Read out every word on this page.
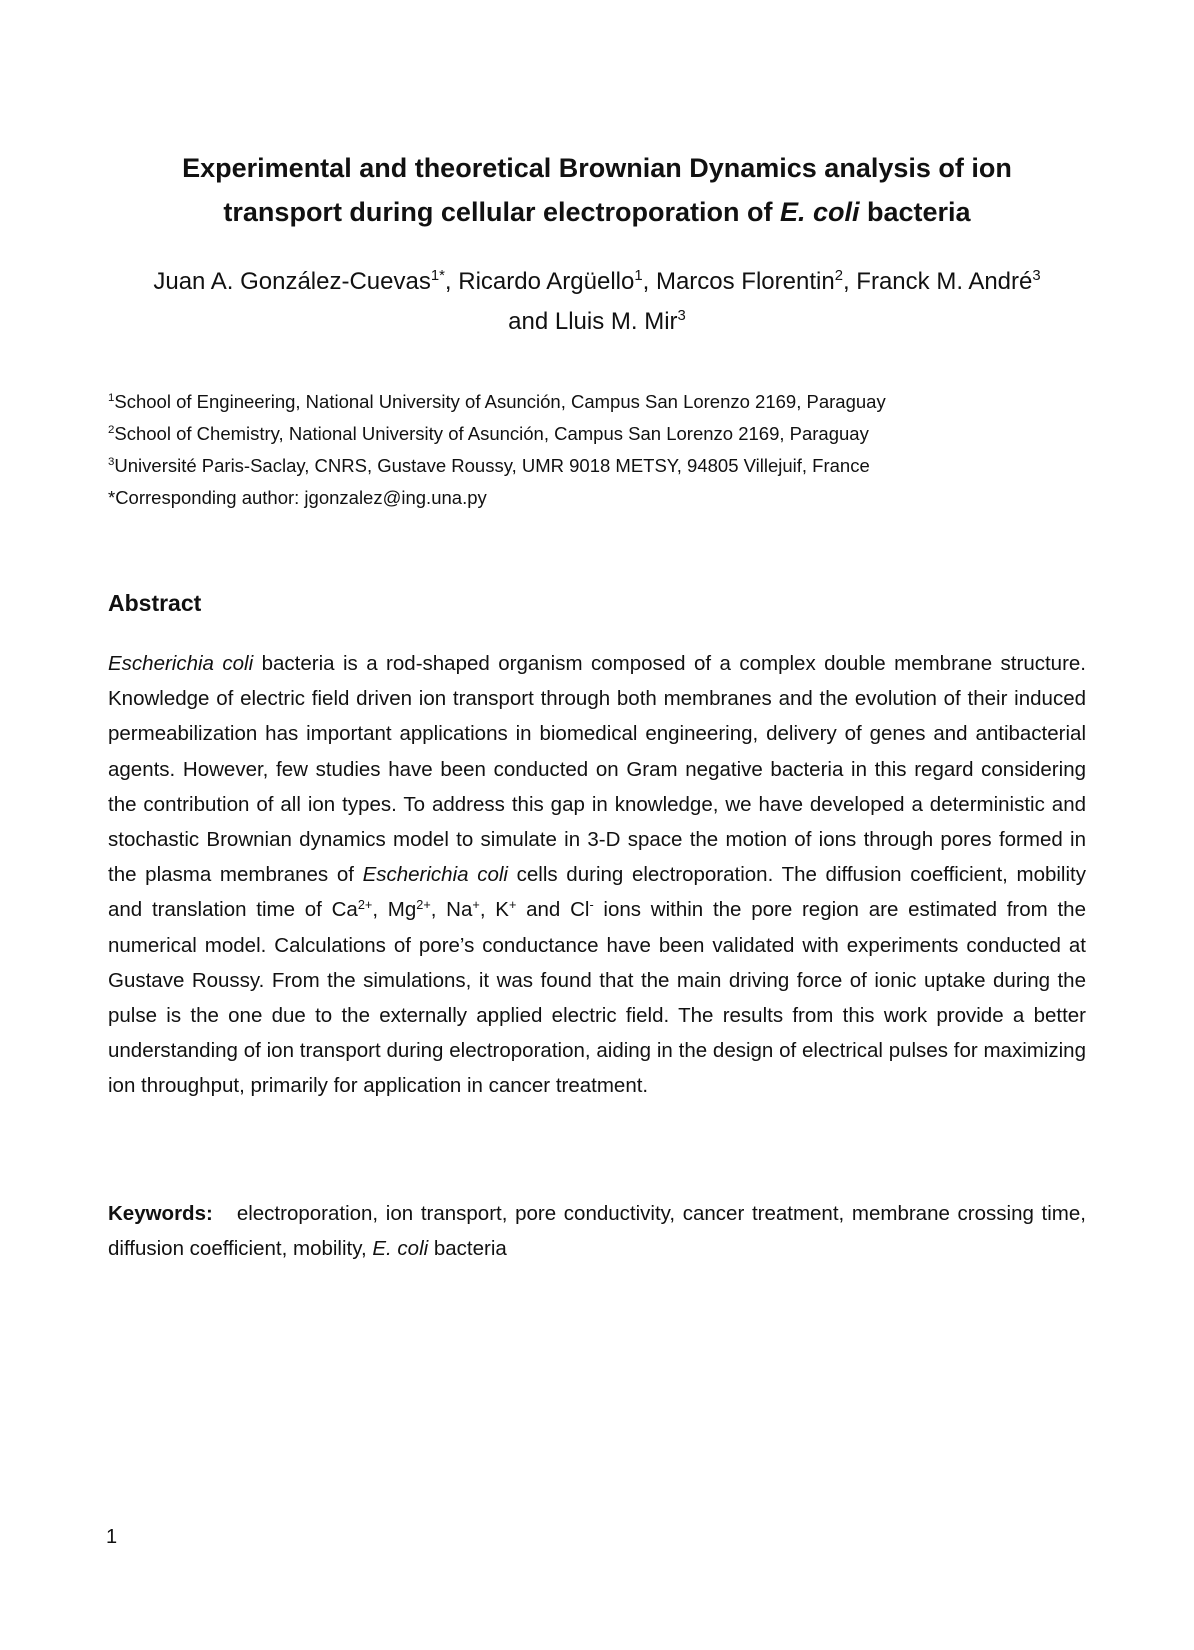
Experimental and theoretical Brownian Dynamics analysis of ion
transport during cellular electroporation of E. coli bacteria

Juan A. González-Cuevas$^{1*}$, Ricardo Argüello$^1$, Marcos Florentin$^2$, Franck M. André$^3$
and Lluis M. Mir$^3$

$^1$School of Engineering, National University of Asunción, Campus San Lorenzo 2169, Paraguay
$^2$School of Chemistry, National University of Asunción, Campus San Lorenzo 2169, Paraguay
$^3$Université Paris-Saclay, CNRS, Gustave Roussy, UMR 9018 METSY, 94805 Villejuif, France
*Corresponding author: jgonzalez@ing.una.py
Abstract

Escherichia coli bacteria is a rod-shaped organism composed of a complex double membrane structure. Knowledge of electric field driven ion transport through both membranes and the evolution of their induced permeabilization has important applications in biomedical engineering, delivery of genes and antibacterial agents. However, few studies have been conducted on Gram negative bacteria in this regard considering the contribution of all ion types. To address this gap in knowledge, we have developed a deterministic and stochastic Brownian dynamics model to simulate in 3-D space the motion of ions through pores formed in the plasma membranes of Escherichia coli cells during electroporation. The diffusion coefficient, mobility and translation time of $Ca^{2+}$, $Mg^{2+}$, Na+, K+ and Cl- ions within the pore region are estimated from the numerical model. Calculations of pore’s conductance have been validated with experiments conducted at Gustave Roussy. From the simulations, it was found that the main driving force of ionic uptake during the pulse is the one due to the externally applied electric field. The results from this work provide a better understanding of ion transport during electroporation, aiding in the design of electrical pulses for maximizing ion throughput, primarily for application in cancer treatment.

Keywords: electroporation, ion transport, pore conductivity, cancer treatment, membrane crossing time, diffusion coefficient, mobility, E. coli bacteria

1
